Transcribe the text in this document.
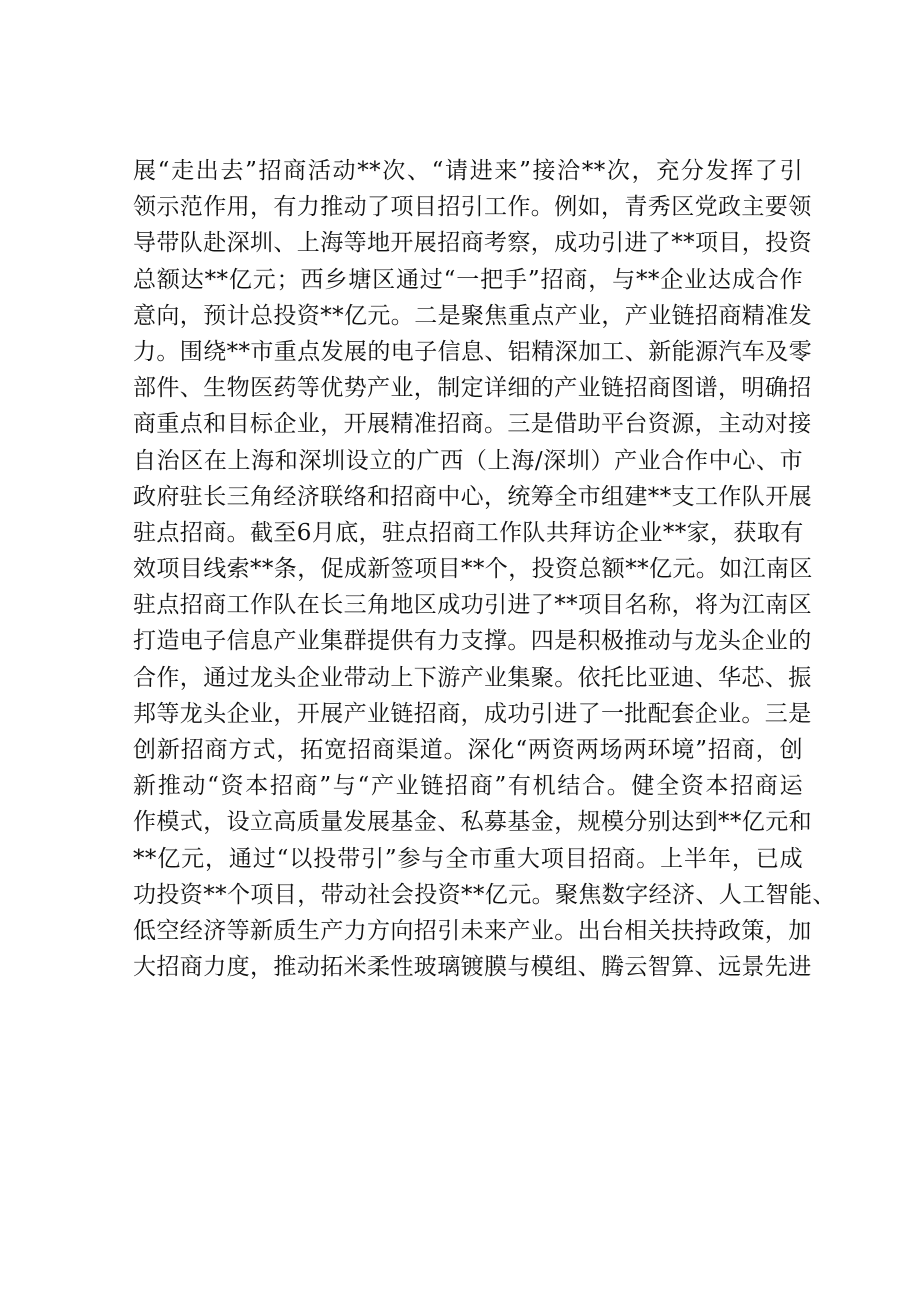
展“走出去”招商活动**次、“请进来”接洽**次，充分发挥了引
领示范作用，有力推动了项目招引工作。例如，青秀区党政主要领
导带队赴深圳、上海等地开展招商考察，成功引进了**项目，投资
总额达**亿元；西乡塘区通过“一把手”招商，与**企业达成合作
意向，预计总投资**亿元。二是聚焦重点产业，产业链招商精准发
力。围绕**市重点发展的电子信息、铝精深加工、新能源汽车及零
部件、生物医药等优势产业，制定详细的产业链招商图谱，明确招
商重点和目标企业，开展精准招商。三是借助平台资源，主动对接
自治区在上海和深圳设立的广西（上海/深圳）产业合作中心、市
政府驻长三角经济联络和招商中心，统筹全市组建**支工作队开展
驻点招商。截至6月底，驻点招商工作队共拜访企业**家，获取有
效项目线索**条，促成新签项目**个，投资总额**亿元。如江南区
驻点招商工作队在长三角地区成功引进了**项目名称，将为江南区
打造电子信息产业集群提供有力支撑。四是积极推动与龙头企业的
合作，通过龙头企业带动上下游产业集聚。依托比亚迪、华芯、振
邦等龙头企业，开展产业链招商，成功引进了一批配套企业。三是
创新招商方式，拓宽招商渠道。深化“两资两场两环境”招商，创
新推动“资本招商”与“产业链招商”有机结合。健全资本招商运
作模式，设立高质量发展基金、私募基金，规模分别达到**亿元和
**亿元，通过“以投带引”参与全市重大项目招商。上半年，已成
功投资**个项目，带动社会投资**亿元。聚焦数字经济、人工智能、
低空经济等新质生产力方向招引未来产业。出台相关扶持政策，加
大招商力度，推动拓米柔性玻璃镀膜与模组、腾云智算、远景先进
